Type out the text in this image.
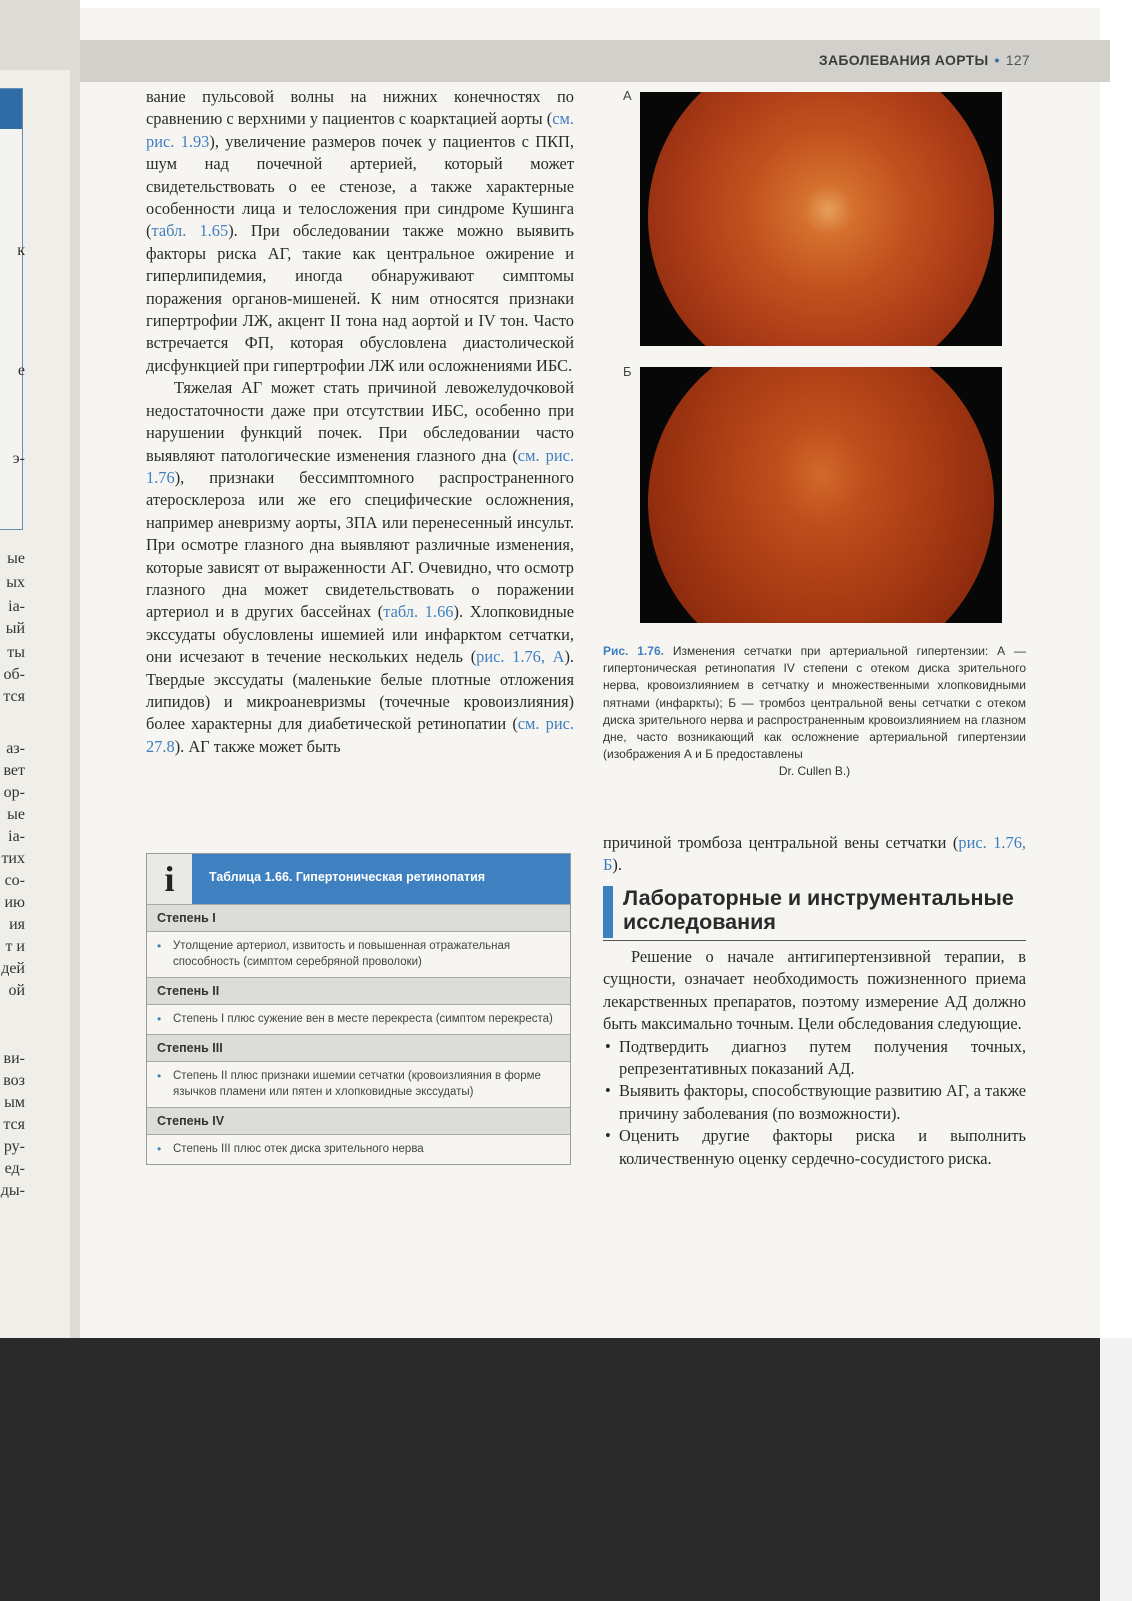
к
е
э-
ые
ых
іа-
ый
ты
об-
тся
аз-
вет
ор-
ые
іа-
тих
со-
ию
ия
т и
дей
ой
ви-
воз
ым
тся
ру-
ед-
ды-
ЗАБОЛЕВАНИЯ АОРТЫ • 127

вание пульсовой волны на нижних конечностях по сравнению с верхними у пациентов с коарктацией аорты (см. рис. 1.93), увеличение размеров почек у пациентов с ПКП, шум над почечной артерией, который может свидетельствовать о ее стенозе, а также характерные особенности лица и телосложения при синдроме Кушинга (табл. 1.65). При обследовании также можно выявить факторы риска АГ, такие как центральное ожирение и гиперлипидемия, иногда обнаруживают симптомы поражения органов-мишеней. К ним относятся признаки гипертрофии ЛЖ, акцент II тона над аортой и IV тон. Часто встречается ФП, которая обусловлена диастолической дисфункцией при гипертрофии ЛЖ или осложнениями ИБС.

Тяжелая АГ может стать причиной левожелудочковой недостаточности даже при отсутствии ИБС, особенно при нарушении функций почек. При обследовании часто выявляют патологические изменения глазного дна (см. рис. 1.76), признаки бессимптомного распространенного атеросклероза или же его специфические осложнения, например аневризму аорты, ЗПА или перенесенный инсульт. При осмотре глазного дна выявляют различные изменения, которые зависят от выраженности АГ. Очевидно, что осмотр глазного дна может свидетельствовать о поражении артериол и в других бассейнах (табл. 1.66). Хлопковидные экссудаты обусловлены ишемией или инфарктом сетчатки, они исчезают в течение нескольких недель (рис. 1.76, А). Твердые экссудаты (маленькие белые плотные отложения липидов) и микроаневризмы (точечные кровоизлияния) более характерны для диабетической ретинопатии (см. рис. 27.8). АГ также может быть

i	Таблица 1.66. Гипертоническая ретинопатия
Степень I
• Утолщение артериол, извитость и повышенная отражательная способность (симптом серебряной проволоки)
Степень II
• Степень I плюс сужение вен в месте перекреста (симптом перекреста)
Степень III
• Степень II плюс признаки ишемии сетчатки (кровоизлияния в форме язычков пламени или пятен и хлопковидные экссудаты)
Степень IV
• Степень III плюс отек диска зрительного нерва
А
Б
Рис. 1.76. Изменения сетчатки при артериальной гипертензии: А — гипертоническая ретинопатия IV степени с отеком диска зрительного нерва, кровоизлиянием в сетчатку и множественными хлопковидными пятнами (инфаркты); Б — тромбоз центральной вены сетчатки с отеком диска зрительного нерва и распространенным кровоизлиянием на глазном дне, часто возникающий как осложнение артериальной гипертензии (изображения А и Б предоставлены
Dr. Cullen B.)
причиной тромбоза центральной вены сетчатки (рис. 1.76, Б).
Лабораторные и инструментальные исследования

Решение о начале антигипертензивной терапии, в сущности, означает необходимость пожизненного приема лекарственных препаратов, поэтому измерение АД должно быть максимально точным. Цели обследования следующие.

• Подтвердить диагноз путем получения точных, репрезентативных показаний АД.
• Выявить факторы, способствующие развитию АГ, а также причину заболевания (по возможности).
• Оценить другие факторы риска и выполнить количественную оценку сердечно-сосудистого риска.
